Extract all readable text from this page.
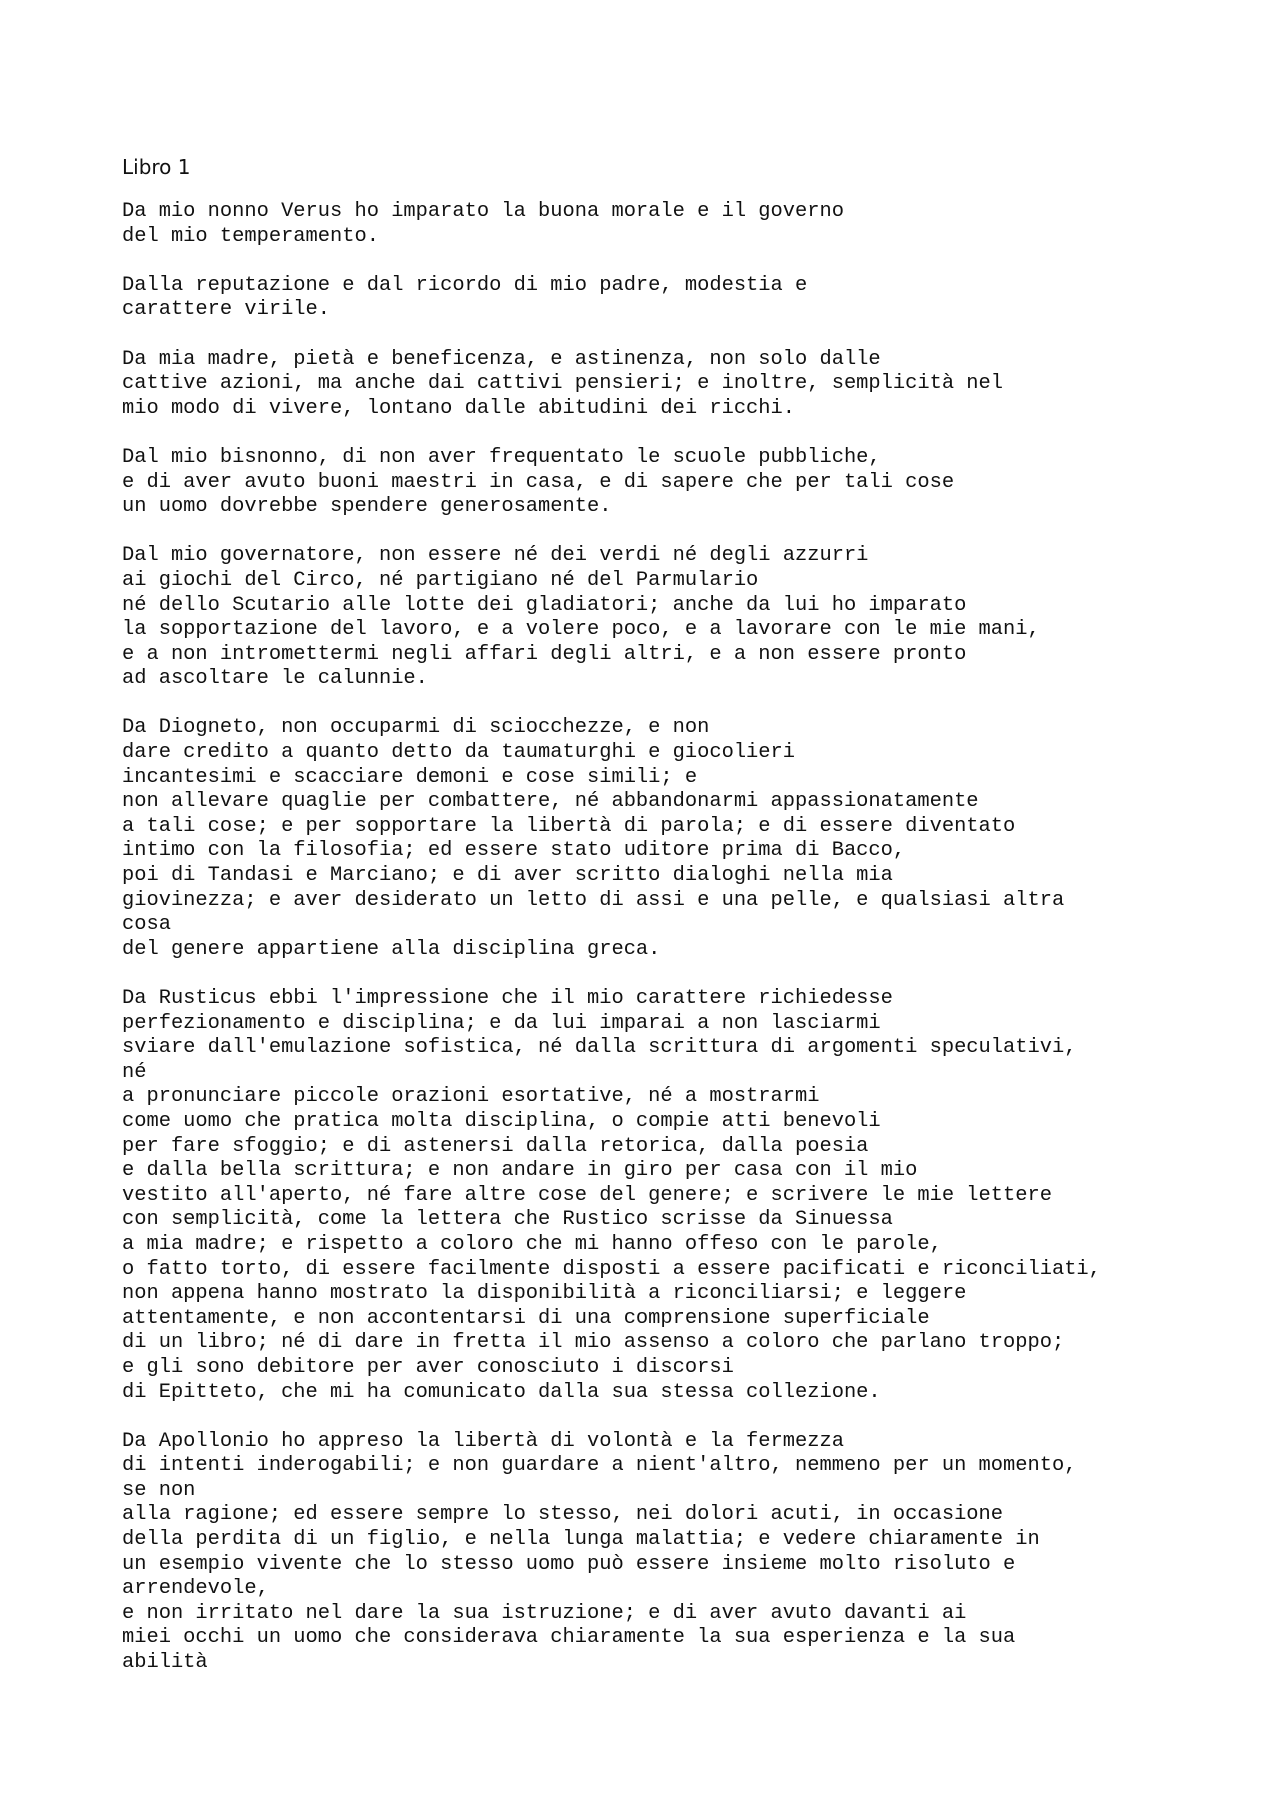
Libro 1
Da mio nonno Verus ho imparato la buona morale e il governo
del mio temperamento.
Dalla reputazione e dal ricordo di mio padre, modestia e
carattere virile.
Da mia madre, pietà e beneficenza, e astinenza, non solo dalle
cattive azioni, ma anche dai cattivi pensieri; e inoltre, semplicità nel
mio modo di vivere, lontano dalle abitudini dei ricchi.
Dal mio bisnonno, di non aver frequentato le scuole pubbliche,
e di aver avuto buoni maestri in casa, e di sapere che per tali cose
un uomo dovrebbe spendere generosamente.
Dal mio governatore, non essere né dei verdi né degli azzurri
ai giochi del Circo, né partigiano né del Parmulario
né dello Scutario alle lotte dei gladiatori; anche da lui ho imparato
la sopportazione del lavoro, e a volere poco, e a lavorare con le mie mani,
e a non intromettermi negli affari degli altri, e a non essere pronto
ad ascoltare le calunnie.
Da Diogneto, non occuparmi di sciocchezze, e non
dare credito a quanto detto da taumaturghi e giocolieri
incantesimi e scacciare demoni e cose simili; e
non allevare quaglie per combattere, né abbandonarmi appassionatamente
a tali cose; e per sopportare la libertà di parola; e di essere diventato
intimo con la filosofia; ed essere stato uditore prima di Bacco,
poi di Tandasi e Marciano; e di aver scritto dialoghi nella mia
giovinezza; e aver desiderato un letto di assi e una pelle, e qualsiasi altra
cosa
del genere appartiene alla disciplina greca.
Da Rusticus ebbi l'impressione che il mio carattere richiedesse
perfezionamento e disciplina; e da lui imparai a non lasciarmi
sviare dall'emulazione sofistica, né dalla scrittura di argomenti speculativi,
né
a pronunciare piccole orazioni esortative, né a mostrarmi
come uomo che pratica molta disciplina, o compie atti benevoli
per fare sfoggio; e di astenersi dalla retorica, dalla poesia
e dalla bella scrittura; e non andare in giro per casa con il mio
vestito all'aperto, né fare altre cose del genere; e scrivere le mie lettere
con semplicità, come la lettera che Rustico scrisse da Sinuessa
a mia madre; e rispetto a coloro che mi hanno offeso con le parole,
o fatto torto, di essere facilmente disposti a essere pacificati e riconciliati,
non appena hanno mostrato la disponibilità a riconciliarsi; e leggere
attentamente, e non accontentarsi di una comprensione superficiale
di un libro; né di dare in fretta il mio assenso a coloro che parlano troppo;
e gli sono debitore per aver conosciuto i discorsi
di Epitteto, che mi ha comunicato dalla sua stessa collezione.
Da Apollonio ho appreso la libertà di volontà e la fermezza
di intenti inderogabili; e non guardare a nient'altro, nemmeno per un momento,
se non
alla ragione; ed essere sempre lo stesso, nei dolori acuti, in occasione
della perdita di un figlio, e nella lunga malattia; e vedere chiaramente in
un esempio vivente che lo stesso uomo può essere insieme molto risoluto e
arrendevole,
e non irritato nel dare la sua istruzione; e di aver avuto davanti ai
miei occhi un uomo che considerava chiaramente la sua esperienza e la sua
abilità
